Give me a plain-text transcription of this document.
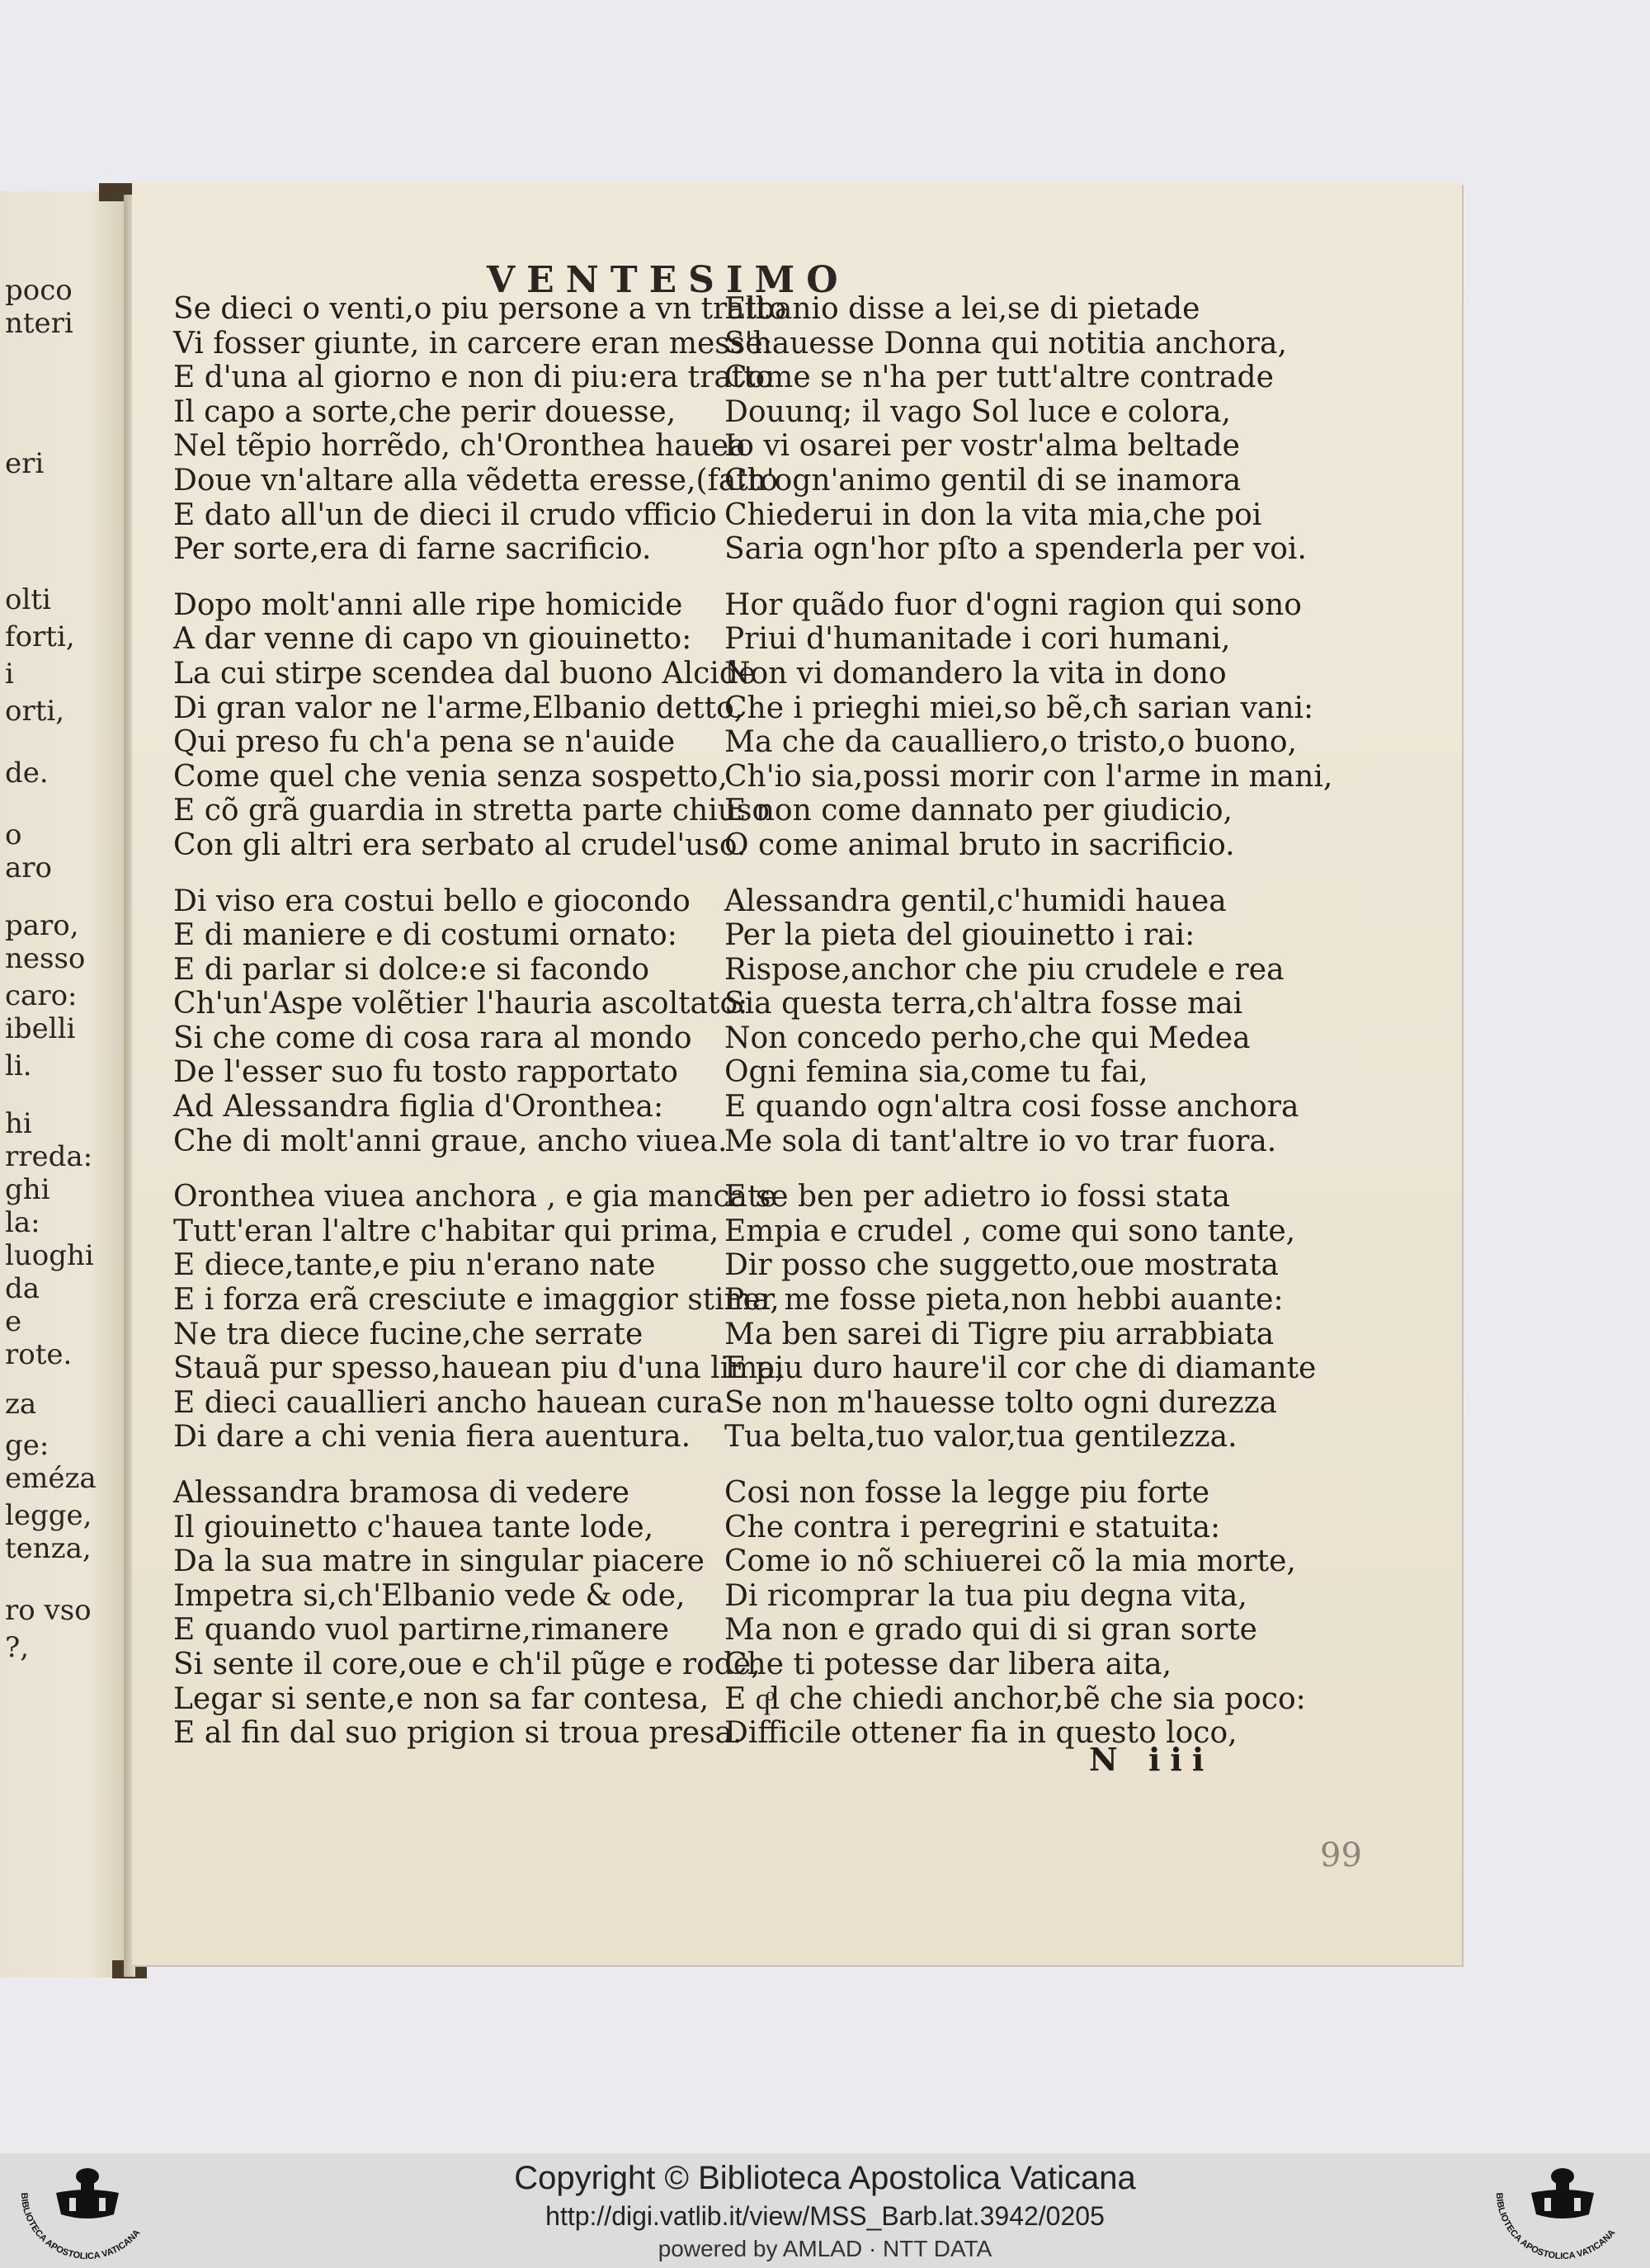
poco
nteri
eri
olti
forti,
i
orti,
de.
o
aro
paro,
nesso
caro:
ibelli
li.
hi
rreda:
ghi
la:
luoghi
da
e
rote.
za
ge:
eméza
legge,
tenza,
ro vso
?,
VENTESIMO
Se dieci o venti,o piu persone a vn tratto
Vi fosser giunte, in carcere eran messe:
E d'una al giorno e non di piu:era tratto
Il capo a sorte,che perir douesse,
Nel tẽpio horrẽdo, ch'Oronthea hauea
Doue vn'altare alla vẽdetta eresse,(fatto
E dato all'un de dieci il crudo vfficio
Per sorte,era di farne sacrificio.
Dopo molt'anni alle ripe homicide
A dar venne di capo vn giouinetto:
La cui stirpe scendea dal buono Alcide
Di gran valor ne l'arme,Elbanio detto,
Qui preso fu ch'a pena se n'auide
Come quel che venia senza sospetto,
E cõ grã guardia in stretta parte chiuso
Con gli altri era serbato al crudel'uso.
Di viso era costui bello e giocondo
E di maniere e di costumi ornato:
E di parlar si dolce:e si facondo
Ch'un'Aspe volẽtier l'hauria ascoltato:
Si che come di cosa rara al mondo
De l'esser suo fu tosto rapportato
Ad Alessandra figlia d'Oronthea:
Che di molt'anni graue, ancho viuea.
Oronthea viuea anchora , e gia mancate
Tutt'eran l'altre c'habitar qui prima,
E diece,tante,e piu n'erano nate
E i forza erã cresciute e imaggior stima,
Ne tra diece fucine,che serrate
Stauã pur spesso,hauean piu d'una lima,
E dieci cauallieri ancho hauean cura
Di dare a chi venia fiera auentura.
Alessandra bramosa di vedere
Il giouinetto c'hauea tante lode,
Da la sua matre in singular piacere
Impetra si,ch'Elbanio vede & ode,
E quando vuol partirne,rimanere
Si sente il core,oue e ch'il pũge e rode,
Legar si sente,e non sa far contesa,
E al fin dal suo prigion si troua presa.
Elbanio disse a lei,se di pietade
S'hauesse Donna qui notitia anchora,
Come se n'ha per tutt'altre contrade
Douunq; il vago Sol luce e colora,
Io vi osarei per vostr'alma beltade
Ch'ogn'animo gentil di se inamora
Chiederui in don la vita mia,che poi
Saria ogn'hor pſto a spenderla per voi.
Hor quãdo fuor d'ogni ragion qui sono
Priui d'humanitade i cori humani,
Non vi domandero la vita in dono
Che i prieghi miei,so bẽ,cħ sarian vani:
Ma che da caualliero,o tristo,o buono,
Ch'io sia,possi morir con l'arme in mani,
E non come dannato per giudicio,
O come animal bruto in sacrificio.
Alessandra gentil,c'humidi hauea
Per la pieta del giouinetto i rai:
Rispose,anchor che piu crudele e rea
Sia questa terra,ch'altra fosse mai
Non concedo perho,che qui Medea
Ogni femina sia,come tu fai,
E quando ogn'altra cosi fosse anchora
Me sola di tant'altre io vo trar fuora.
E se ben per adietro io fossi stata
Empia e crudel , come qui sono tante,
Dir posso che suggetto,oue mostrata
Per me fosse pieta,non hebbi auante:
Ma ben sarei di Tigre piu arrabbiata
E piu duro haure'il cor che di diamante
Se non m'hauesse tolto ogni durezza
Tua belta,tuo valor,tua gentilezza.
Cosi non fosse la legge piu forte
Che contra i peregrini e statuita:
Come io nõ schiuerei cõ la mia morte,
Di ricomprar la tua piu degna vita,
Ma non e grado qui di si gran sorte
Che ti potesse dar libera aita,
E qͦl che chiedi anchor,bẽ che sia poco:
Difficile ottener fia in questo loco,
N iii
99
BIBLIOTECA APOSTOLICA VATICANA
BIBLIOTECA APOSTOLICA VATICANA
Copyright © Biblioteca Apostolica Vaticana
http://digi.vatlib.it/view/MSS_Barb.lat.3942/0205
powered by AMLAD · NTT DATA
